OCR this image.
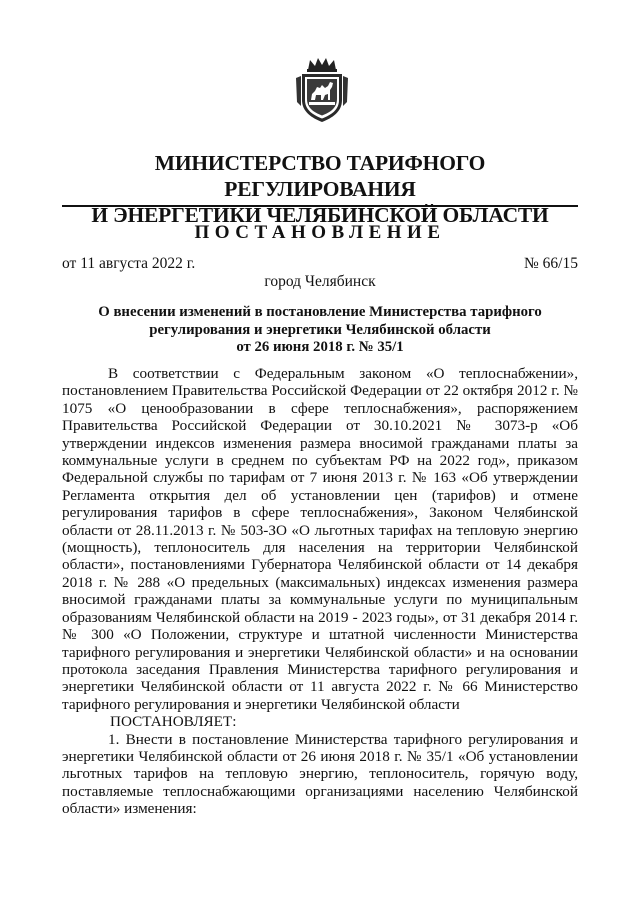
МИНИСТЕРСТВО ТАРИФНОГО РЕГУЛИРОВАНИЯ
И ЭНЕРГЕТИКИ ЧЕЛЯБИНСКОЙ ОБЛАСТИ
ПОСТАНОВЛЕНИЕ
от 11 августа 2022 г.	№ 66/15
город Челябинск
О внесении изменений в постановление Министерства тарифного
регулирования и энергетики Челябинской области
от 26 июня 2018 г. № 35/1

В соответствии с Федеральным законом «О теплоснабжении», постановлением Правительства Российской Федерации от 22 октября 2012 г. № 1075 «О ценообразовании в сфере теплоснабжения», распоряжением Правительства Российской Федерации от 30.10.2021 № 3073-р «Об утверждении индексов изменения размера вносимой гражданами платы за коммунальные услуги в среднем по субъектам РФ на 2022 год», приказом Федеральной службы по тарифам от 7 июня 2013 г. № 163 «Об утверждении Регламента открытия дел об установлении цен (тарифов) и отмене регулирования тарифов в сфере теплоснабжения», Законом Челябинской области от 28.11.2013 г. № 503-ЗО «О льготных тарифах на тепловую энергию (мощность), теплоноситель для населения на территории Челябинской области», постановлениями Губернатора Челябинской области от 14 декабря 2018 г. № 288 «О предельных (максимальных) индексах изменения размера вносимой гражданами платы за коммунальные услуги по муниципальным образованиям Челябинской области на 2019 - 2023 годы», от 31 декабря 2014 г. № 300 «О Положении, структуре и штатной численности Министерства тарифного регулирования и энергетики Челябинской области» и на основании протокола заседания Правления Министерства тарифного регулирования и энергетики Челябинской области от 11 августа 2022 г. № 66 Министерство тарифного регулирования и энергетики Челябинской области

ПОСТАНОВЛЯЕТ:

1. Внести в постановление Министерства тарифного регулирования и энергетики Челябинской области от 26 июня 2018 г. № 35/1 «Об установлении льготных тарифов на тепловую энергию, теплоноситель, горячую воду, поставляемые теплоснабжающими организациями населению Челябинской области» изменения:
